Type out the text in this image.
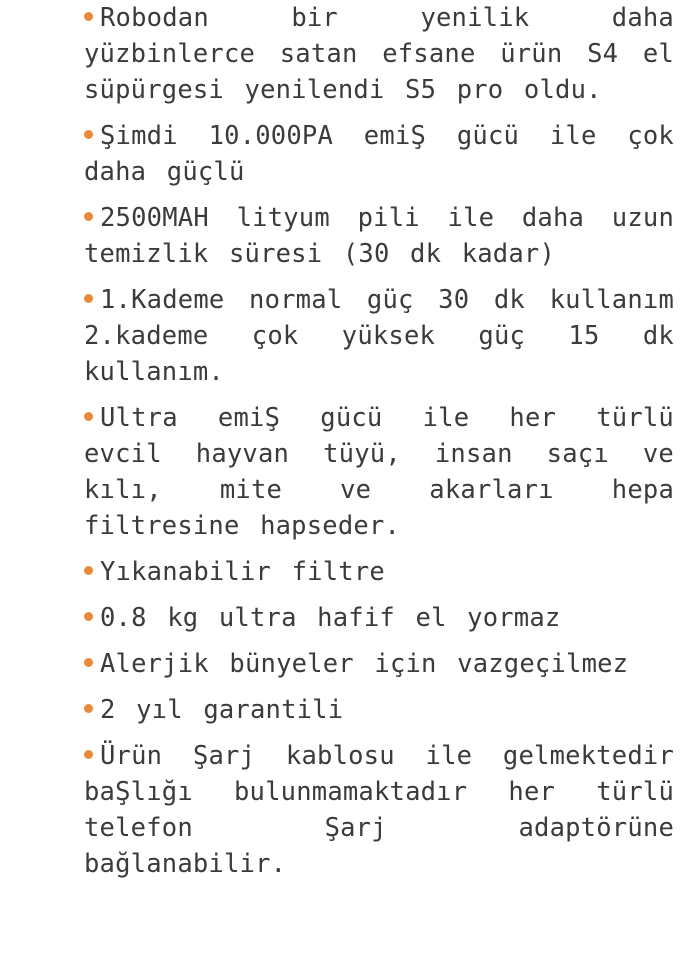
Robodan bir yenilik daha yüzbinlerce satan efsane ürün S4 el süpürgesi yenilendi S5 pro oldu.
Şimdi 10.000PA emiŞ gücü ile çok daha güçlü
2500MAH lityum pili ile daha uzun temizlik süresi (30 dk kadar)
1.Kademe normal güç 30 dk kullanım 2.kademe çok yüksek güç 15 dk kullanım.
Ultra emiŞ gücü ile her türlü evcil hayvan tüyü, insan saçı ve kılı, mite ve akarları hepa filtresine hapseder.
Yıkanabilir filtre
0.8 kg ultra hafif el yormaz
Alerjik bünyeler için vazgeçilmez
2 yıl garantili
Ürün Şarj kablosu ile gelmektedir baŞlığı bulunmamaktadır her türlü telefon Şarj adaptörüne bağlanabilir.
